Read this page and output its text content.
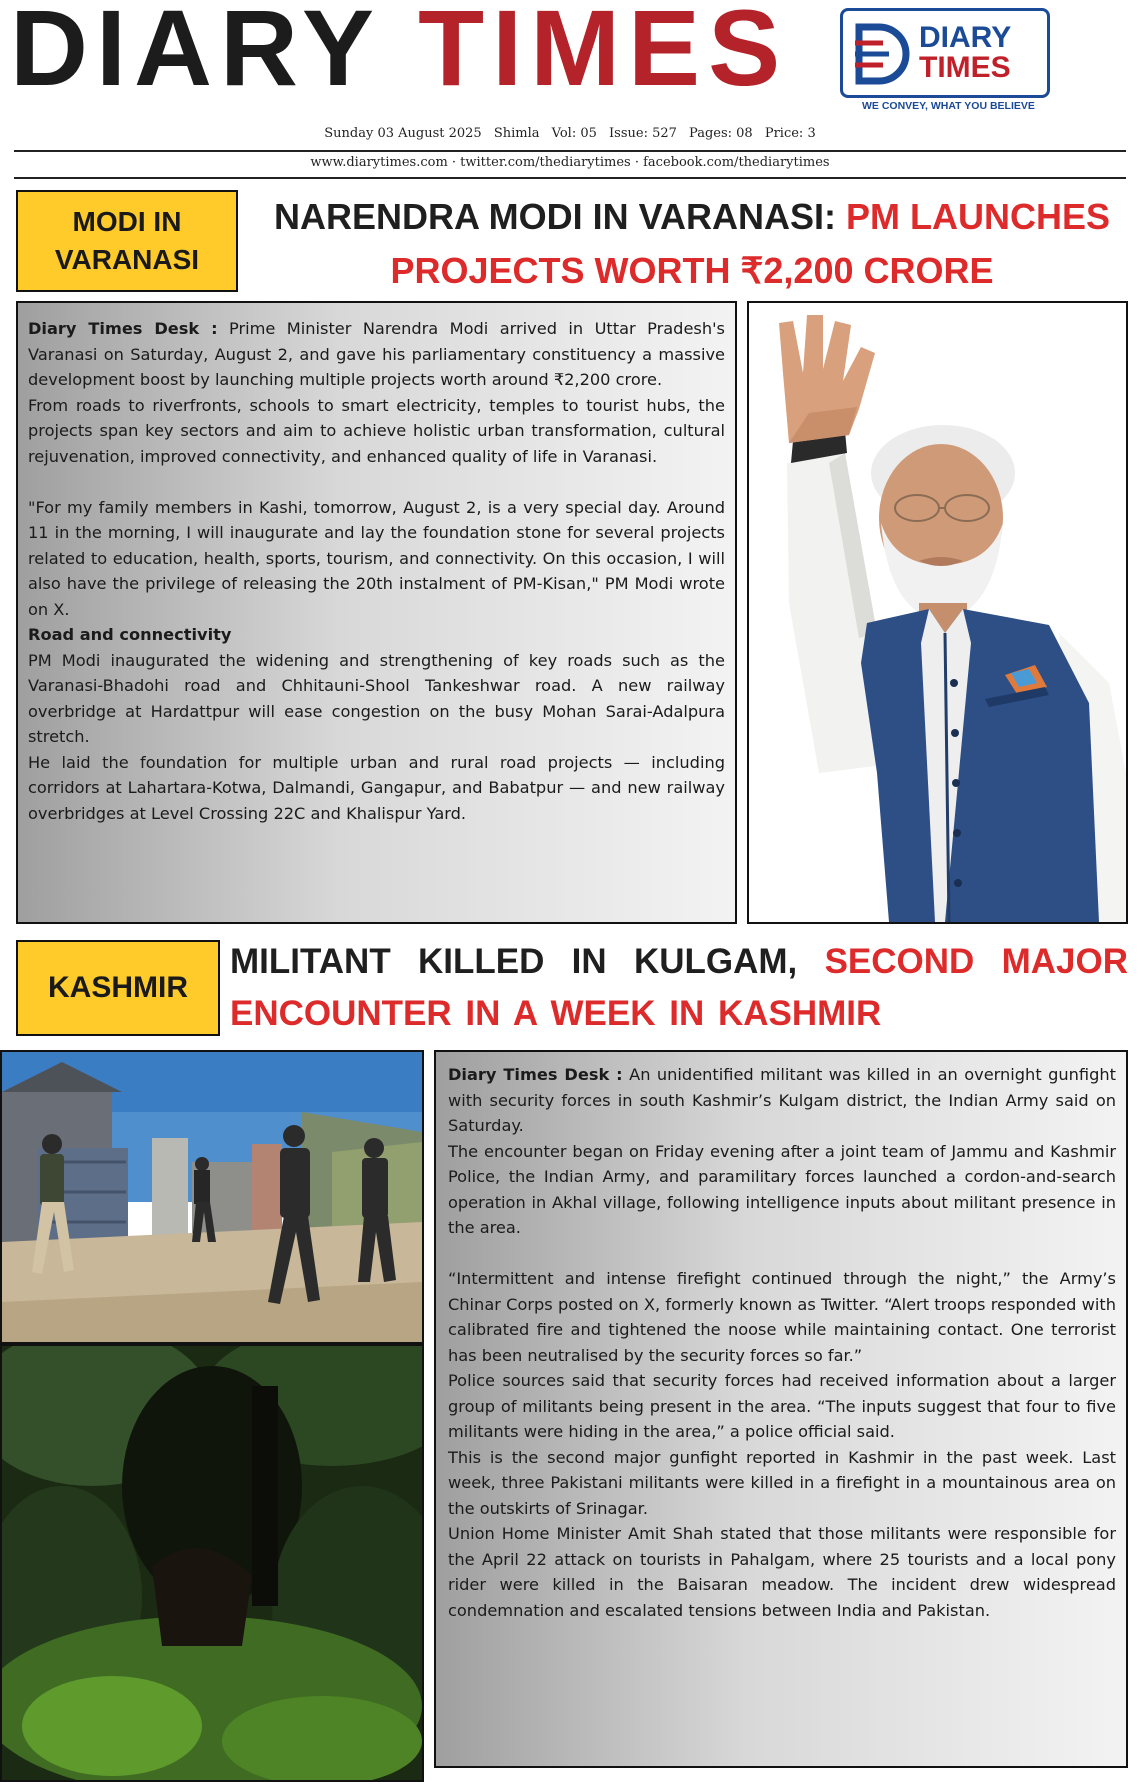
DIARY TIMES	DIARY
TIMES
WE CONVEY, WHAT YOU BELIEVE
Sunday 03 August 2025 Shimla Vol: 05 Issue: 527 Pages: 08 Price: 3
www.diarytimes.com · twitter.com/thediarytimes · facebook.com/thediarytimes
MODI IN VARANASI
NARENDRA MODI IN VARANASI: PM LAUNCHES PROJECTS WORTH ₹2,200 CRORE

Diary Times Desk : Prime Minister Narendra Modi arrived in Uttar Pradesh's Varanasi on Saturday, August 2, and gave his parliamentary constituency a massive development boost by launching multiple projects worth around ₹2,200 crore.

From roads to riverfronts, schools to smart electricity, temples to tourist hubs, the projects span key sectors and aim to achieve holistic urban transformation, cultural rejuvenation, improved connectivity, and enhanced quality of life in Varanasi.

"For my family members in Kashi, tomorrow, August 2, is a very special day. Around 11 in the morning, I will inaugurate and lay the foundation stone for several projects related to education, health, sports, tourism, and connectivity. On this occasion, I will also have the privilege of releasing the 20th instalment of PM-Kisan," PM Modi wrote on X.

Road and connectivity

PM Modi inaugurated the widening and strengthening of key roads such as the Varanasi-Bhadohi road and Chhitauni-Shool Tankeshwar road. A new railway overbridge at Hardattpur will ease congestion on the busy Mohan Sarai-Adalpura stretch.

He laid the foundation for multiple urban and rural road projects — including corridors at Lahartara-Kotwa, Dalmandi, Gangapur, and Babatpur — and new railway overbridges at Level Crossing 22C and Khalispur Yard.

KASHMIR
MILITANT KILLED IN KULGAM, SECOND MAJOR ENCOUNTER IN A WEEK IN KASHMIR

Diary Times Desk : An unidentified militant was killed in an overnight gunfight with security forces in south Kashmir’s Kulgam district, the Indian Army said on Saturday.

The encounter began on Friday evening after a joint team of Jammu and Kashmir Police, the Indian Army, and paramilitary forces launched a cordon-and-search operation in Akhal village, following intelligence inputs about militant presence in the area.

“Intermittent and intense firefight continued through the night,” the Army’s Chinar Corps posted on X, formerly known as Twitter. “Alert troops responded with calibrated fire and tightened the noose while maintaining contact. One terrorist has been neutralised by the security forces so far.”

Police sources said that security forces had received information about a larger group of militants being present in the area. “The inputs suggest that four to five militants were hiding in the area,” a police official said.

This is the second major gunfight reported in Kashmir in the past week. Last week, three Pakistani militants were killed in a firefight in a mountainous area on the outskirts of Srinagar.

Union Home Minister Amit Shah stated that those militants were responsible for the April 22 attack on tourists in Pahalgam, where 25 tourists and a local pony rider were killed in the Baisaran meadow. The incident drew widespread condemnation and escalated tensions between India and Pakistan.
